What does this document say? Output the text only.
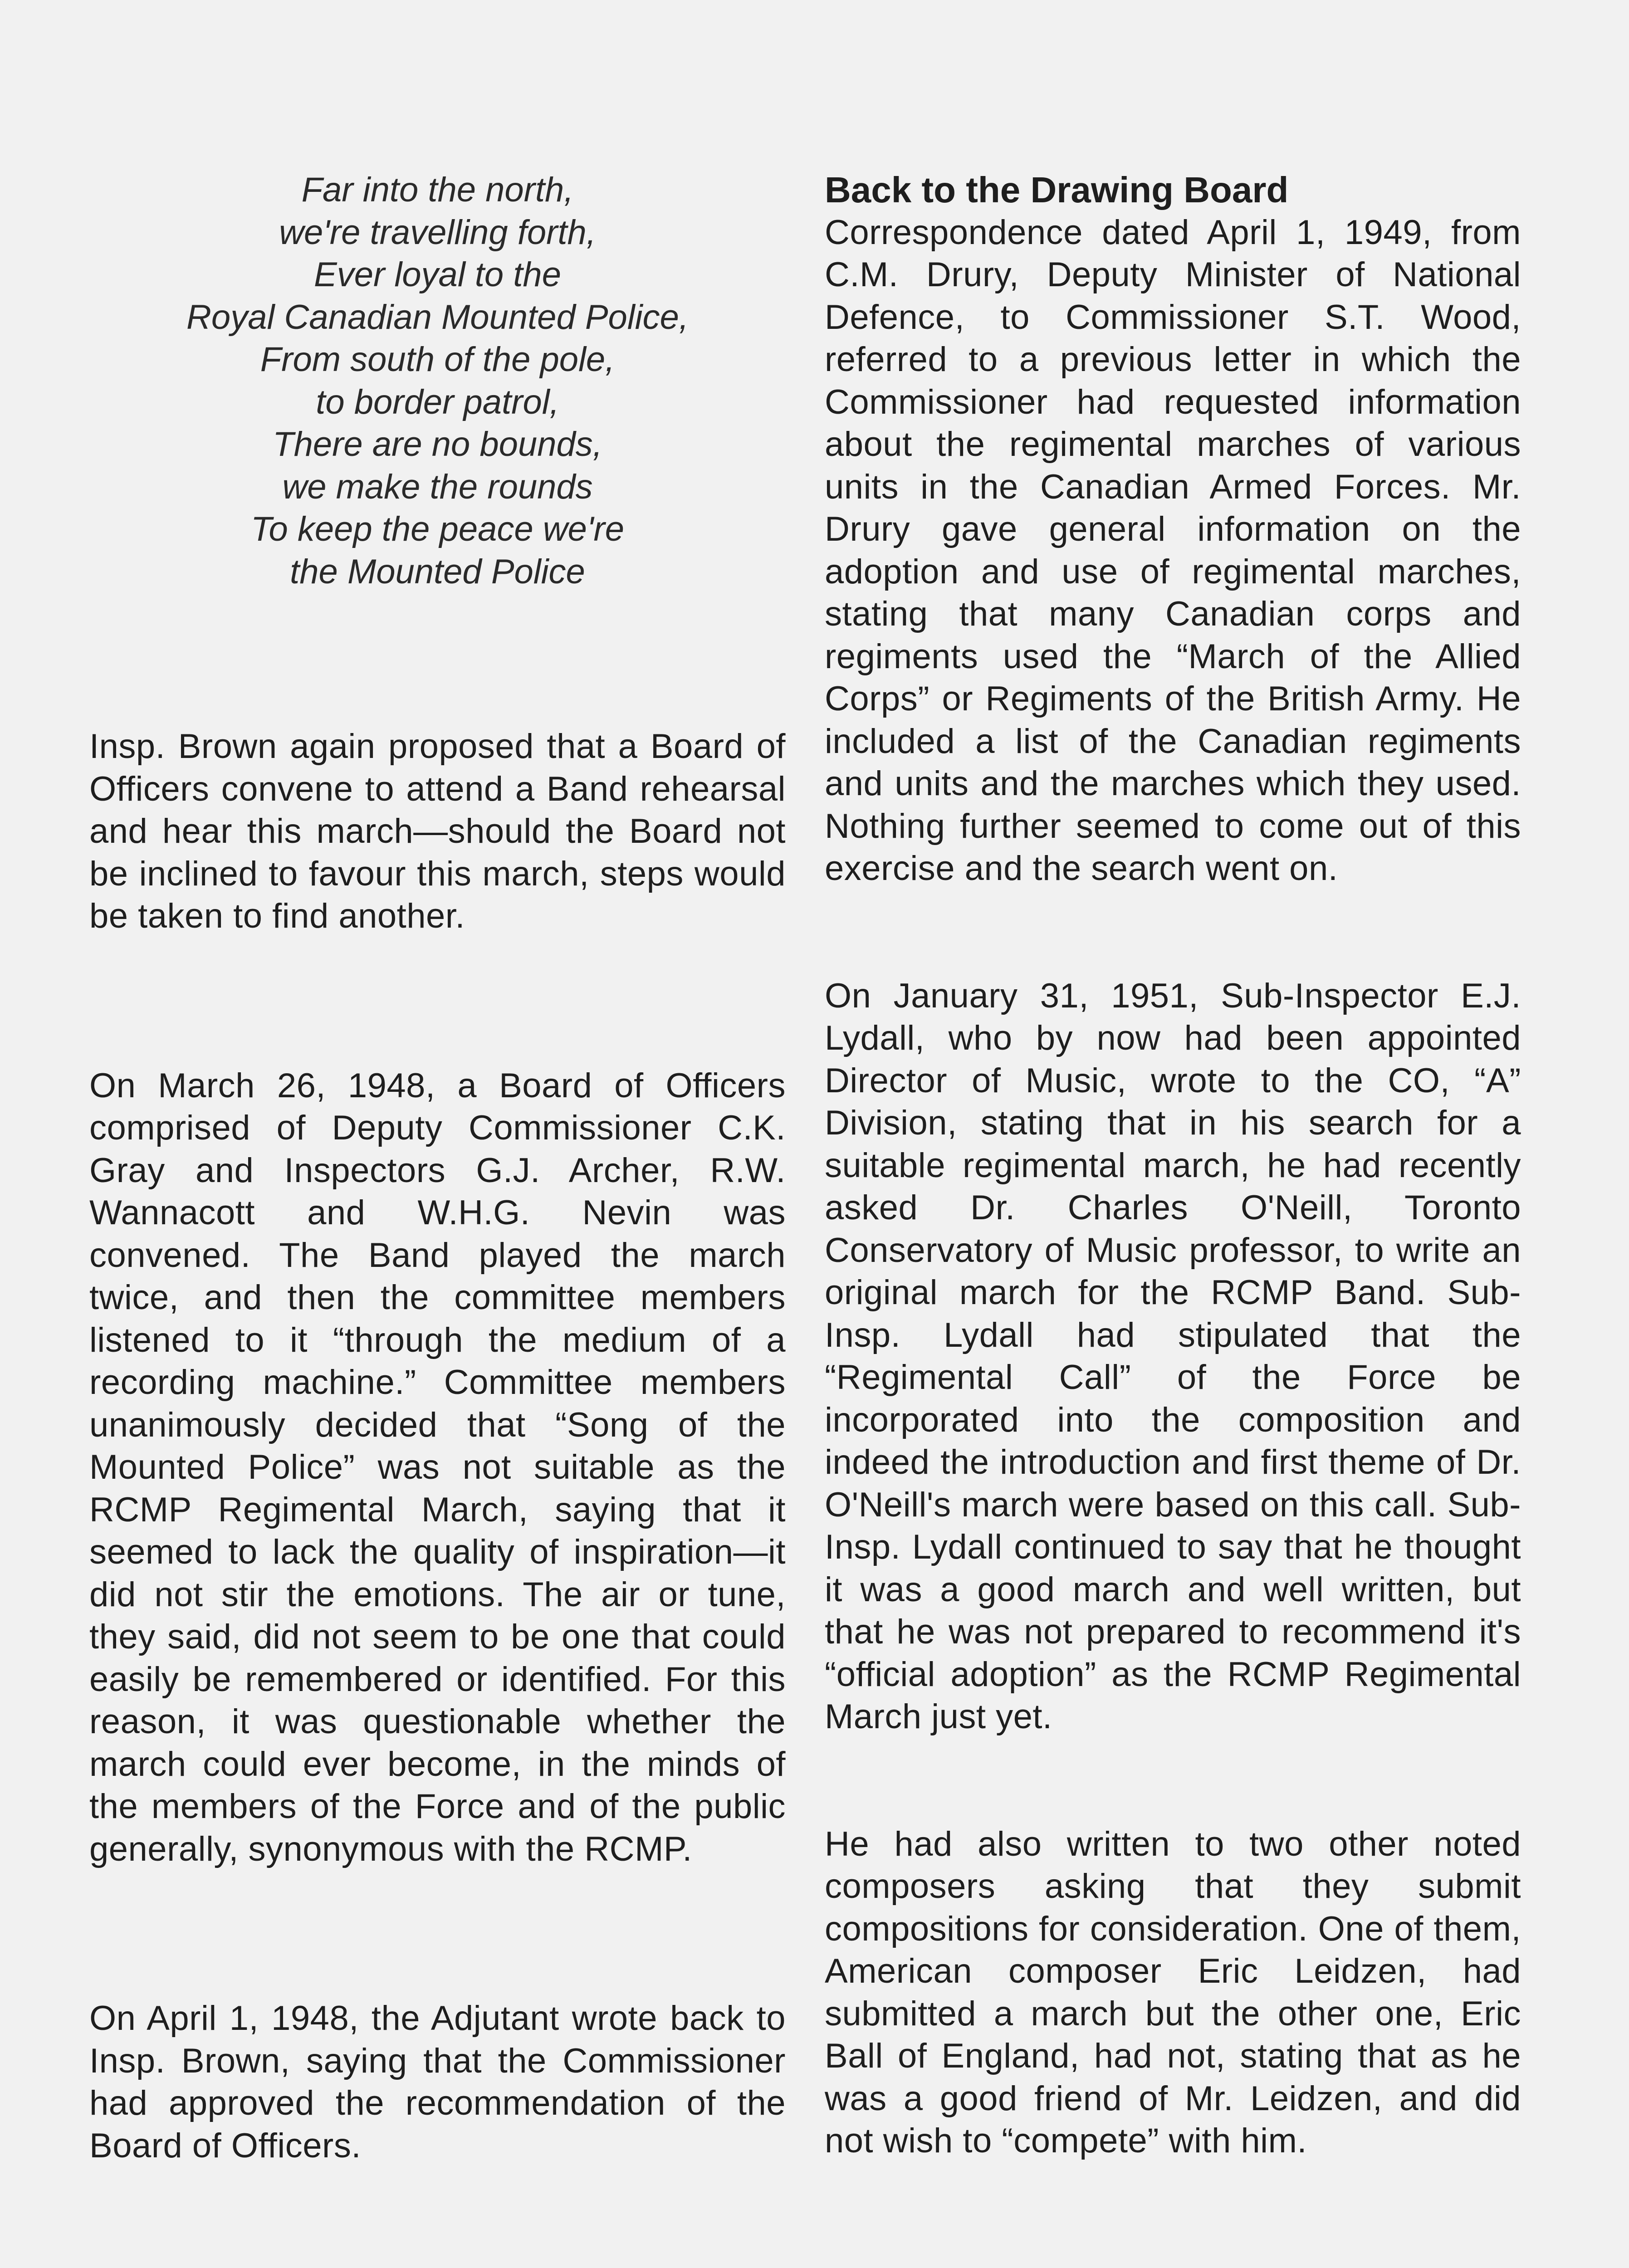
Far into the north,
we're travelling forth,
Ever loyal to the
Royal Canadian Mounted Police,
From south of the pole,
to border patrol,
There are no bounds,
we make the rounds
To keep the peace we're
the Mounted Police

Insp. Brown again proposed that a Board of Officers convene to attend a Band rehearsal and hear this march—should the Board not be inclined to favour this march, steps would be taken to find another.

On March 26, 1948, a Board of Officers comprised of Deputy Commissioner C.K. Gray and Inspectors G.J. Archer, R.W. Wannacott and W.H.G. Nevin was convened. The Band played the march twice, and then the committee members listened to it “through the medium of a recording machine.” Committee members unanimously decided that “Song of the Mounted Police” was not suitable as the RCMP Regimental March, saying that it seemed to lack the quality of inspiration—it did not stir the emotions. The air or tune, they said, did not seem to be one that could easily be remembered or identified. For this reason, it was questionable whether the march could ever become, in the minds of the members of the Force and of the public generally, synonymous with the RCMP.

On April 1, 1948, the Adjutant wrote back to Insp. Brown, saying that the Commissioner had approved the recommendation of the Board of Officers.

Back to the Drawing Board

Correspondence dated April 1, 1949, from C.M. Drury, Deputy Minister of National Defence, to Commissioner S.T. Wood, referred to a previous letter in which the Commissioner had requested information about the regimental marches of various units in the Canadian Armed Forces. Mr. Drury gave general information on the adoption and use of regimental marches, stating that many Canadian corps and regiments used the “March of the Allied Corps” or Regiments of the British Army. He included a list of the Canadian regiments and units and the marches which they used. Nothing further seemed to come out of this exercise and the search went on.

On January 31, 1951, Sub-Inspector E.J. Lydall, who by now had been appointed Director of Music, wrote to the CO, “A” Division, stating that in his search for a suitable regimental march, he had recently asked Dr. Charles O'Neill, Toronto Conservatory of Music professor, to write an original march for the RCMP Band. Sub-Insp. Lydall had stipulated that the “Regimental Call” of the Force be incorporated into the composition and indeed the introduction and first theme of Dr. O'Neill's march were based on this call. Sub-Insp. Lydall continued to say that he thought it was a good march and well written, but that he was not prepared to recommend it's “official adoption” as the RCMP Regimental March just yet.

He had also written to two other noted composers asking that they submit compositions for consideration. One of them, American composer Eric Leidzen, had submitted a march but the other one, Eric Ball of England, had not, stating that as he was a good friend of Mr. Leidzen, and did not wish to “compete” with him.
